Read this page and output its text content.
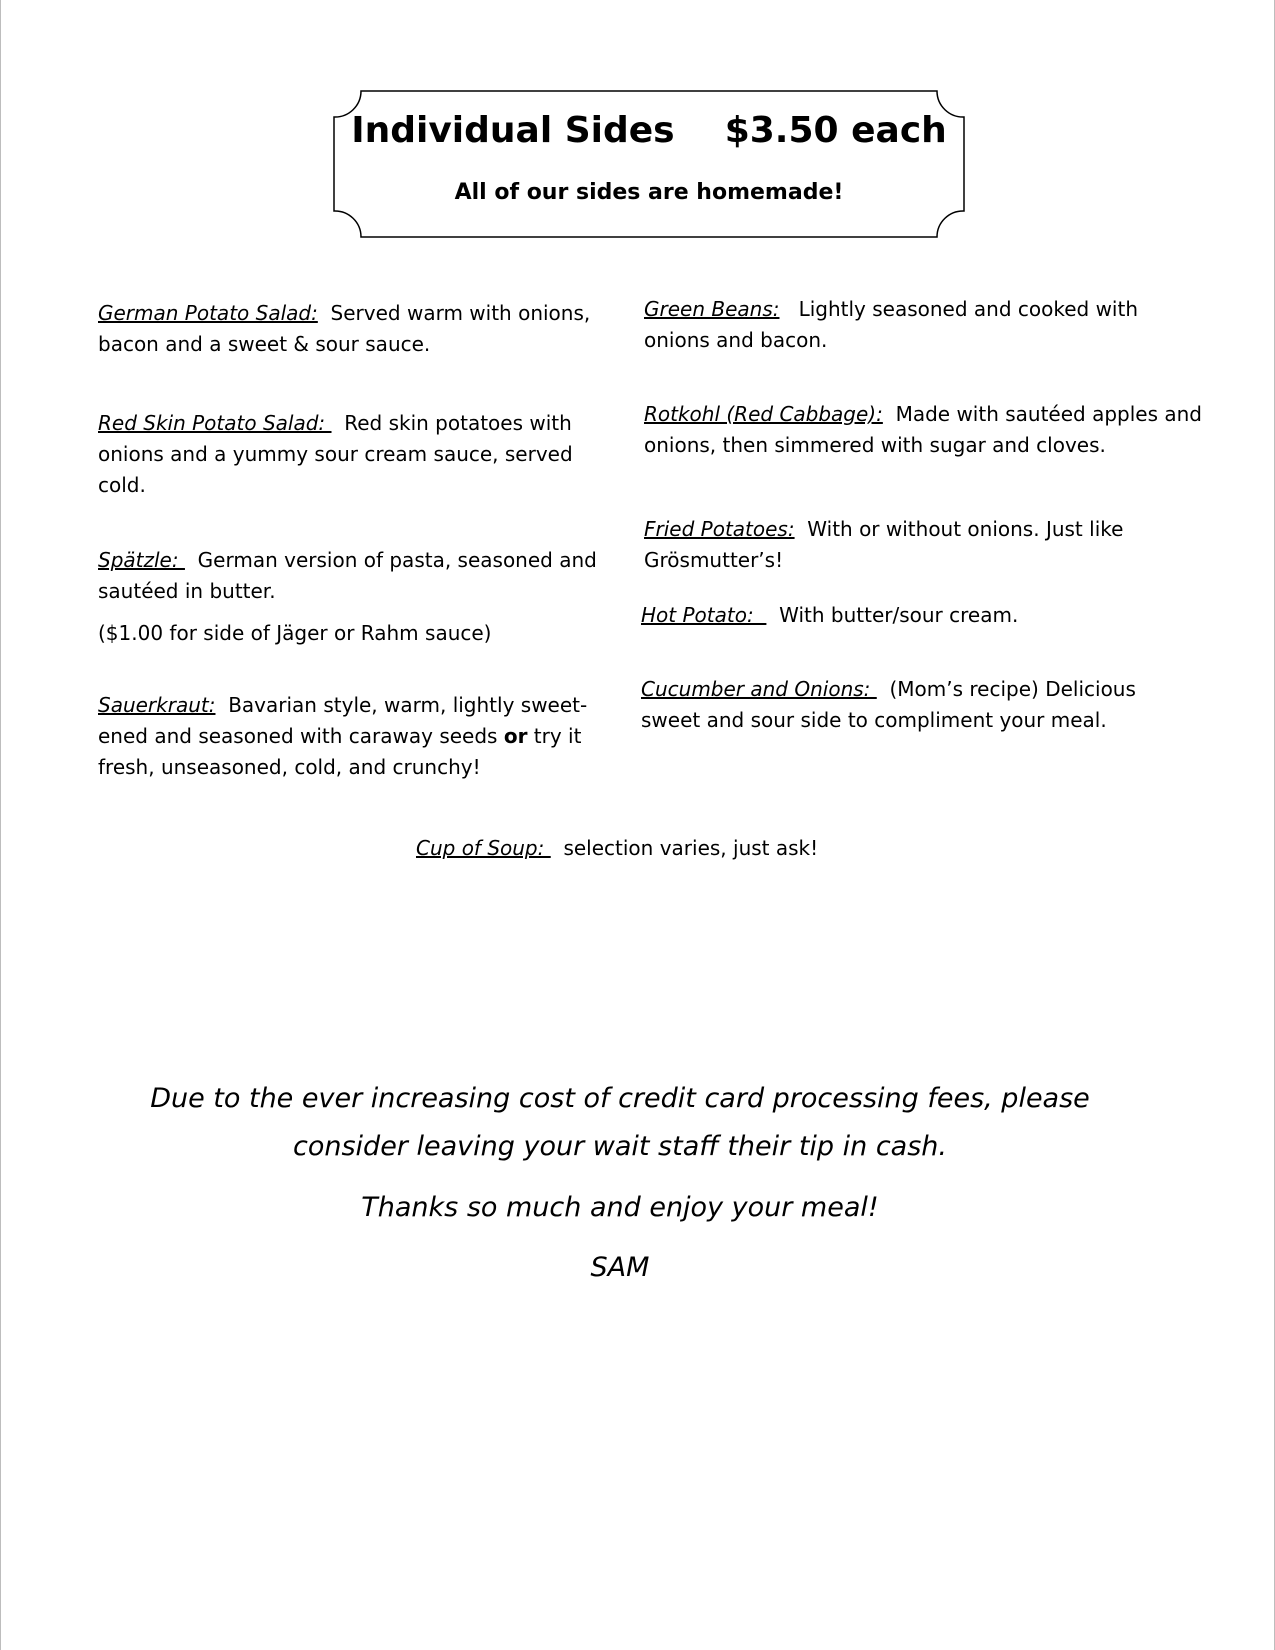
Individual Sides    $3.50 each
All of our sides are homemade!
German Potato Salad: Served warm with onions, bacon and a sweet & sour sauce.
Red Skin Potato Salad:   Red skin potatoes with onions and a yummy sour cream sauce, served cold.
Spätzle:   German version of pasta, seasoned and sautéed in butter.
($1.00 for side of Jäger or Rahm sauce)
Sauerkraut: Bavarian style, warm, lightly sweet-ened and seasoned with caraway seeds or try it fresh, unseasoned, cold, and crunchy!
Green Beans: Lightly seasoned and cooked with onions and bacon.
Rotkohl (Red Cabbage): Made with sautéed apples and onions, then simmered with sugar and cloves.
Fried Potatoes: With or without onions. Just like Grösmutter’s!
Hot Potato:    With butter/sour cream.
Cucumber and Onions:   (Mom’s recipe) Delicious sweet and sour side to compliment your meal.
Cup of Soup:   selection varies, just ask!
Due to the ever increasing cost of credit card processing fees, please
consider leaving your wait staff their tip in cash.
Thanks so much and enjoy your meal!
SAM
